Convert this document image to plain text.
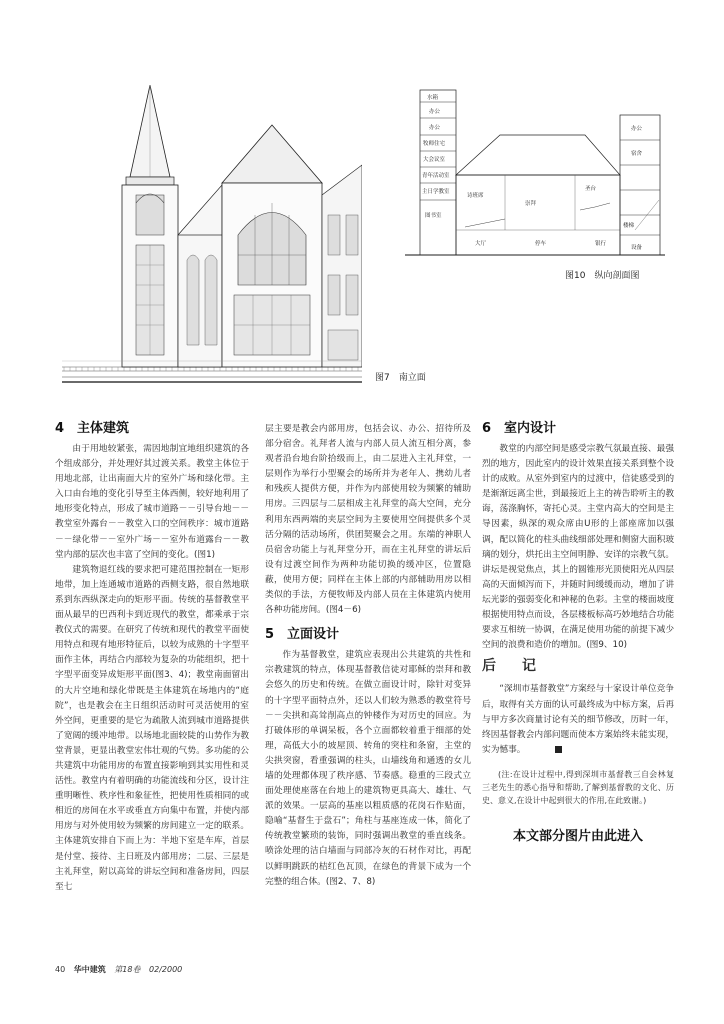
图7　南立面
水箱
办公
办公
牧师住宅
大会议室
青年活动室
主日学教室
诗班席
圣台
图书室
崇拜
楼梯
大厅	停车	银行
设备
办公
宿舍
图10　纵向剖面图
4　主体建筑

由于用地较紧张，需因地制宜地组织建筑的各个组成部分，并处理好其过渡关系。教堂主体位于用地北部，让出南面大片的室外广场和绿化带。主入口由台地的变化引导至主体西侧，较好地利用了地形变化特点，形成了城市道路－－引导台地－－教堂室外露台－－教堂入口的空间秩序：城市道路－－绿化带－－室外广场－－室外布道露台－－教堂内部的层次也丰富了空间的变化。(图1)

建筑物退红线的要求把可建范围控制在一矩形地带，加上连通城市道路的西侧支路，很自然地联系到东西纵深走向的矩形平面。传统的基督教堂平面从最早的巴西利卡到近现代的教堂，都乘承于宗教仪式的需要。在研究了传统和现代的教堂平面使用特点和现有地形特征后，以较为成熟的十字型平面作主体，再结合内部较为复杂的功能组织，把十字型平面变异成矩形平面(图3、4)；教堂南面留出的大片空地和绿化带既是主体建筑在场地内的“庭院”，也是教会在主日组织活动时可灵活使用的室外空间，更重要的是它为疏散人流到城市道路提供了宽阔的缓冲地带。以场地北面较陡的山势作为教堂背景，更显出教堂宏伟壮观的气势。多功能的公共建筑中功能用房的布置直接影响到其实用性和灵活性。教堂内有着明确的功能流线和分区，设计注重明晰性、秩序性和象征性，把使用性质相同的或相近的房间在水平或垂直方向集中布置，并使内部用房与对外使用较为频繁的房间建立一定的联系。主体建筑安排自下而上为：半地下室是车库，首层是付堂、接待、主日班及内部用房；二层、三层是主礼拜堂，附以高耸的讲坛空间和准备房间，四层至七

层主要是教会内部用房，包括会议、办公、招待所及部分宿舍。礼拜者人流与内部人员人流互相分离，参观者沿台地台阶拾级而上，由二层进入主礼拜堂，一层则作为举行小型聚会的场所并为老年人、携幼儿者和残疾人提供方便，并作为内部使用较为频繁的辅助用房。三四层与二层相成主礼拜堂的高大空间，充分利用东西两端的夹层空间为主要使用空间提供多个灵活分隔的活动场所，供团契聚会之用。东端的神职人员宿舍功能上与礼拜堂分开，而在主礼拜堂的讲坛后设有过渡空间作为两种功能切换的缓冲区，位置隐蔽，使用方便；同样在主体上部的内部辅助用房以相类似的手法，方便牧师及内部人员在主体建筑内使用各种功能房间。(图4－6)

5　立面设计

作为基督教堂，建筑应表现出公共建筑的共性和宗教建筑的特点，体现基督教信徒对耶稣的崇拜和教会悠久的历史和传统。在做立面设计时，除针对变异的十字型平面特点外，还以人们较为熟悉的教堂符号－－尖拱和高耸削高点的钟楼作为对历史的回应。为打破体形的单调呆板，各个立面都较着重于细部的处理，高低大小的坡屋顶、转角的突柱和条窗，主堂的尖拱突窗，看重强调的柱头，山墙线角和通透的女儿墙的处理都体现了秩序感、节奏感。稳重的三段式立面处理使座落在台地上的建筑物更具高大、雄壮、气派的效果。一层高的基座以粗质感的花岗石作贴面，隐喻“基督生于盘石”；角柱与基座连成一体，简化了传统教堂繁琐的装饰，同时强调出教堂的垂直线条。喷涂处理的洁白墙面与同部冷灰的石材作对比，再配以鲜明跳跃的桔红色瓦顶，在绿色的背景下成为一个完整的组合体。(图2、7、8)

6　室内设计

教堂的内部空间是感受宗教气氛最直接、最强烈的地方，因此室内的设计效果直接关系到整个设计的成败。从室外到室内的过渡中，信徒感受到的是渐渐远离尘世，到最接近上主的祷告聆听主的教诲，荡涤胸怀，寄托心灵。主堂内高大的空间是主导因素，纵深的观众席由U形的上部座席加以强调，配以简化的柱头曲线细部处理和侧窗大面积玻璃的划分，烘托出主空间明静、安详的宗教气氛。讲坛是视觉焦点，其上的圆锥形光顶使阳光从四层高的天面倾泻而下，并随时间缓缓而动，增加了讲坛光影的强弱变化和神秘的色彩。主堂的楼面坡度根据使用特点而设，各层楼板标高巧妙地结合功能要求互相统一协调，在满足使用功能的前提下减少空间的浪费和造价的增加。(图9、10)

后　记

“深圳市基督教堂”方案经与十家设计单位竞争后，取得有关方面的认可最终成为中标方案，后再与甲方多次商量讨论有关的细节修改，历时一年，终因基督教会内部问题而使本方案始终未能实现，实为憾事。

(注:在设计过程中,得到深圳市基督教三自会林复三老先生的悉心指导和帮助,了解到基督教的文化、历史、意义,在设计中起到很大的作用,在此致谢。)

本文部分图片由此进入
40 华中建筑 第18卷 02/2000
